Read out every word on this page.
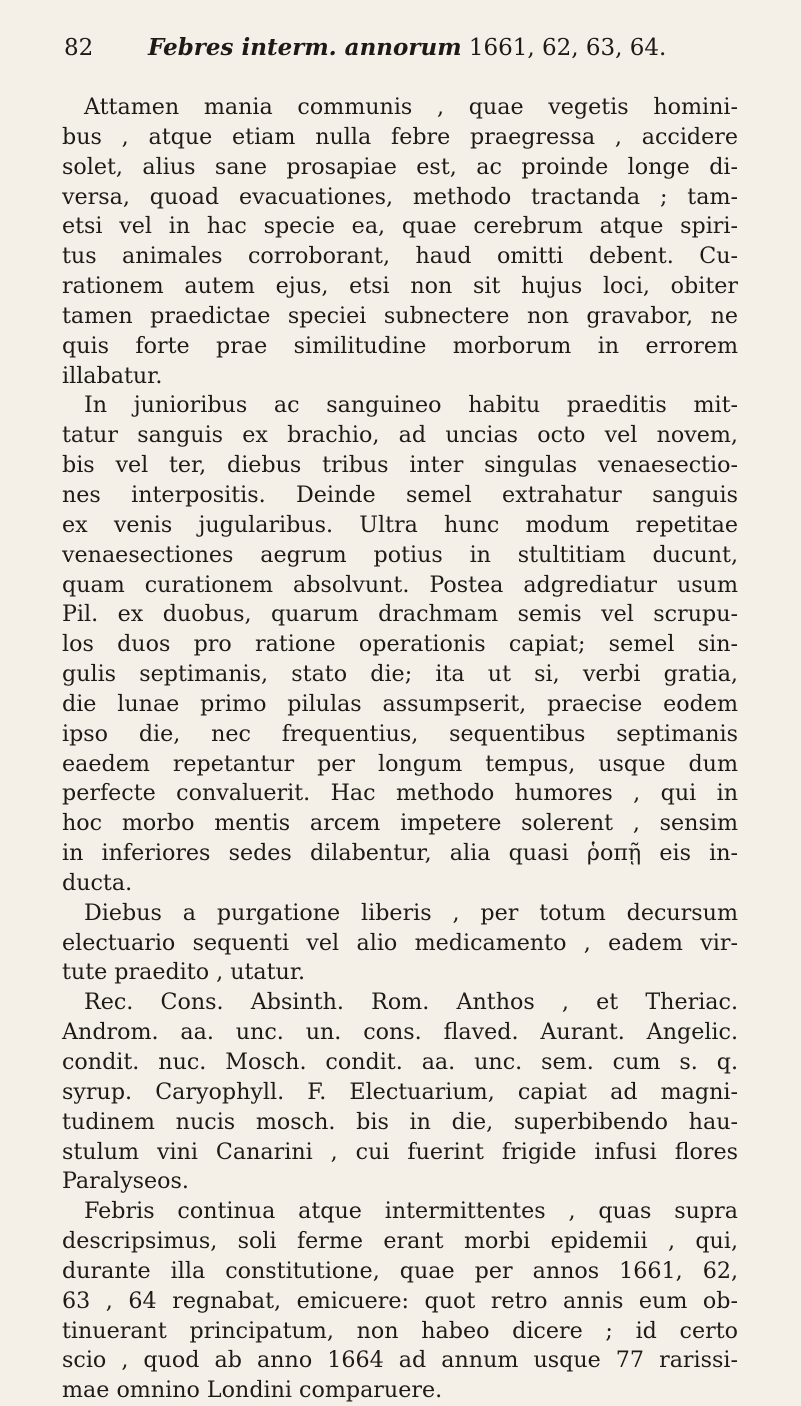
82 Febres interm. annorum 1661, 62, 63, 64.
Attamen mania communis , quae vegetis homini-
bus , atque etiam nulla febre praegressa , accidere
solet, alius sane prosapiae est, ac proinde longe di-
versa, quoad evacuationes, methodo tractanda ; tam-
etsi vel in hac specie ea, quae cerebrum atque spiri-
tus animales corroborant, haud omitti debent. Cu-
rationem autem ejus, etsi non sit hujus loci, obiter
tamen praedictae speciei subnectere non gravabor, ne
quis forte prae similitudine morborum in errorem
illabatur.
In junioribus ac sanguineo habitu praeditis mit-
tatur sanguis ex brachio, ad uncias octo vel novem,
bis vel ter, diebus tribus inter singulas venaesectio-
nes interpositis. Deinde semel extrahatur sanguis
ex venis jugularibus. Ultra hunc modum repetitae
venaesectiones aegrum potius in stultitiam ducunt,
quam curationem absolvunt. Postea adgrediatur usum
Pil. ex duobus, quarum drachmam semis vel scrupu-
los duos pro ratione operationis capiat; semel sin-
gulis septimanis, stato die; ita ut si, verbi gratia,
die lunae primo pilulas assumpserit, praecise eodem
ipso die, nec frequentius, sequentibus septimanis
eaedem repetantur per longum tempus, usque dum
perfecte convaluerit. Hac methodo humores , qui in
hoc morbo mentis arcem impetere solerent , sensim
in inferiores sedes dilabentur, alia quasi ῥοπῇ eis in-
ducta.
Diebus a purgatione liberis , per totum decursum
electuario sequenti vel alio medicamento , eadem vir-
tute praedito , utatur.
Rec. Cons. Absinth. Rom. Anthos , et Theriac.
Androm. aa. unc. un. cons. flaved. Aurant. Angelic.
condit. nuc. Mosch. condit. aa. unc. sem. cum s. q.
syrup. Caryophyll. F. Electuarium, capiat ad magni-
tudinem nucis mosch. bis in die, superbibendo hau-
stulum vini Canarini , cui fuerint frigide infusi flores
Paralyseos.
Febris continua atque intermittentes , quas supra
descripsimus, soli ferme erant morbi epidemii , qui,
durante illa constitutione, quae per annos 1661, 62,
63 , 64 regnabat, emicuere: quot retro annis eum ob-
tinuerant principatum, non habeo dicere ; id certo
scio , quod ab anno 1664 ad annum usque 77 rarissi-
mae omnino Londini comparuere.
